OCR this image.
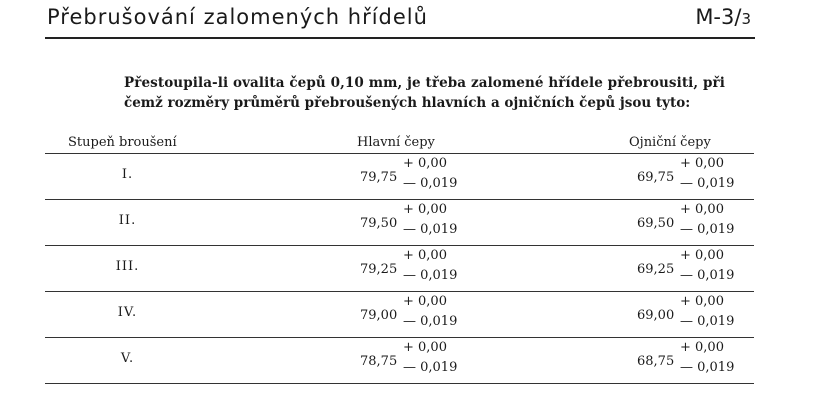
Přebrušování zalomených hřídelů	M-3/3
Přestoupila-li ovalita čepů 0,10 mm, je třeba zalomené hřídele přebrousiti, při
čemž rozměry průměrů přebroušených hlavních a ojničních čepů jsou tyto:
Stupeň broušení	Hlavní čepy	Ojniční čepy
I.	79,75
+ 0,00
— 0,019	69,75
+ 0,00
— 0,019
II.	79,50
+ 0,00
— 0,019	69,50
+ 0,00
— 0,019
III.	79,25
+ 0,00
— 0,019	69,25
+ 0,00
— 0,019
IV.	79,00
+ 0,00
— 0,019	69,00
+ 0,00
— 0,019
V.	78,75
+ 0,00
— 0,019	68,75
+ 0,00
— 0,019
